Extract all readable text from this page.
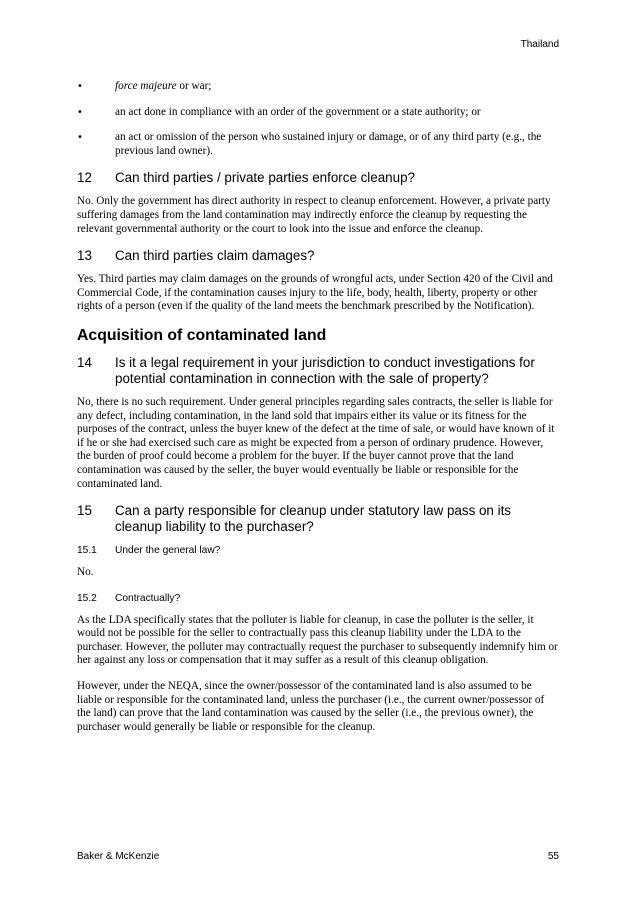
Thailand
•	force majeure or war;
•	an act done in compliance with an order of the government or a state authority; or
•	an act or omission of the person who sustained injury or damage, or of any third party (e.g., the previous land owner).
12	Can third parties / private parties enforce cleanup?

No. Only the government has direct authority in respect to cleanup enforcement. However, a private party suffering damages from the land contamination may indirectly enforce the cleanup by requesting the relevant governmental authority or the court to look into the issue and enforce the cleanup.

13	Can third parties claim damages?

Yes. Third parties may claim damages on the grounds of wrongful acts, under Section 420 of the Civil and Commercial Code, if the contamination causes injury to the life, body, health, liberty, property or other rights of a person (even if the quality of the land meets the benchmark prescribed by the Notification).

Acquisition of contaminated land
14	Is it a legal requirement in your jurisdiction to conduct investigations for potential contamination in connection with the sale of property?

No, there is no such requirement. Under general principles regarding sales contracts, the seller is liable for any defect, including contamination, in the land sold that impairs either its value or its fitness for the purposes of the contract, unless the buyer knew of the defect at the time of sale, or would have known of it if he or she had exercised such care as might be expected from a person of ordinary prudence. However, the burden of proof could become a problem for the buyer. If the buyer cannot prove that the land contamination was caused by the seller, the buyer would eventually be liable or responsible for the contaminated land.

15	Can a party responsible for cleanup under statutory law pass on its cleanup liability to the purchaser?
15.1	Under the general law?

No.

15.2	Contractually?

As the LDA specifically states that the polluter is liable for cleanup, in case the polluter is the seller, it would not be possible for the seller to contractually pass this cleanup liability under the LDA to the purchaser. However, the polluter may contractually request the purchaser to subsequently indemnify him or her against any loss or compensation that it may suffer as a result of this cleanup obligation.

However, under the NEQA, since the owner/possessor of the contaminated land is also assumed to be liable or responsible for the contaminated land, unless the purchaser (i.e., the current owner/possessor of the land) can prove that the land contamination was caused by the seller (i.e., the previous owner), the purchaser would generally be liable or responsible for the cleanup.

Baker & McKenzie	55
